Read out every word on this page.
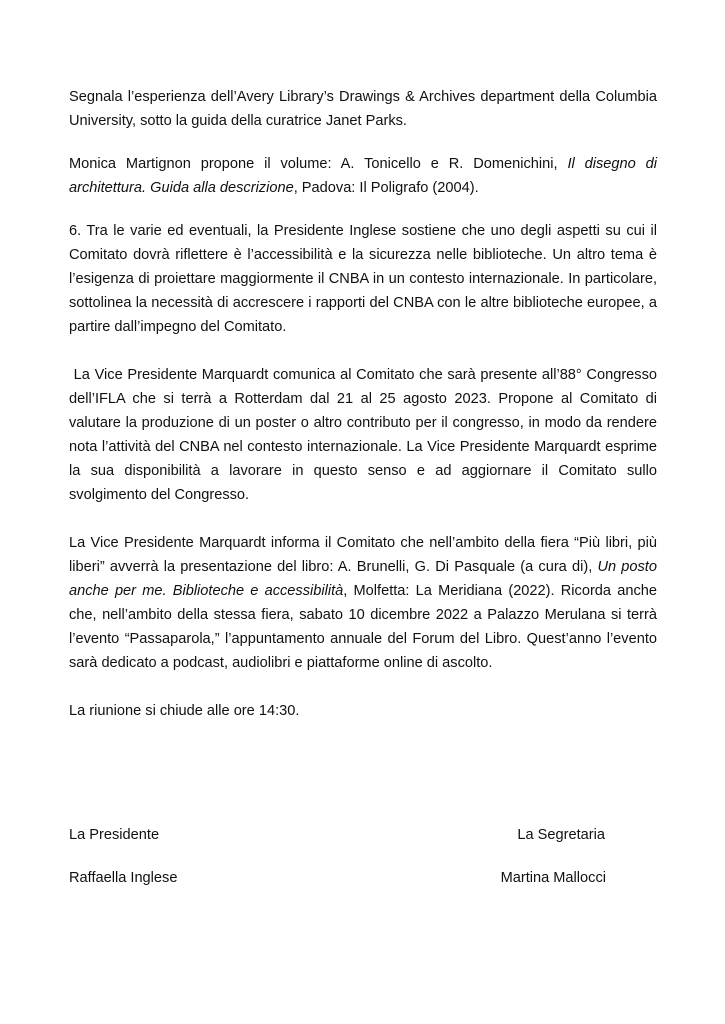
Segnala l’esperienza dell’Avery Library’s Drawings & Archives department della Columbia University, sotto la guida della curatrice Janet Parks.

Monica Martignon propone il volume: A. Tonicello e R. Domenichini, Il disegno di architettura. Guida alla descrizione, Padova: Il Poligrafo (2004).

6. Tra le varie ed eventuali, la Presidente Inglese sostiene che uno degli aspetti su cui il Comitato dovrà riflettere è l’accessibilità e la sicurezza nelle biblioteche. Un altro tema è l’esigenza di proiettare maggiormente il CNBA in un contesto internazionale. In particolare, sottolinea la necessità di accrescere i rapporti del CNBA con le altre biblioteche europee, a partire dall’impegno del Comitato.

La Vice Presidente Marquardt comunica al Comitato che sarà presente all’88° Congresso dell’IFLA che si terrà a Rotterdam dal 21 al 25 agosto 2023. Propone al Comitato di valutare la produzione di un poster o altro contributo per il congresso, in modo da rendere nota l’attività del CNBA nel contesto internazionale. La Vice Presidente Marquardt esprime la sua disponibilità a lavorare in questo senso e ad aggiornare il Comitato sullo svolgimento del Congresso.

La Vice Presidente Marquardt informa il Comitato che nell’ambito della fiera “Più libri, più liberi” avverrà la presentazione del libro: A. Brunelli, G. Di Pasquale (a cura di), Un posto anche per me. Biblioteche e accessibilità, Molfetta: La Meridiana (2022). Ricorda anche che, nell’ambito della stessa fiera, sabato 10 dicembre 2022 a Palazzo Merulana si terrà l’evento “Passaparola,” l’appuntamento annuale del Forum del Libro. Quest’anno l’evento sarà dedicato a podcast, audiolibri e piattaforme online di ascolto.

La riunione si chiude alle ore 14:30.

La Presidente

Raffaella Inglese

La Segretaria

Martina Mallocci
